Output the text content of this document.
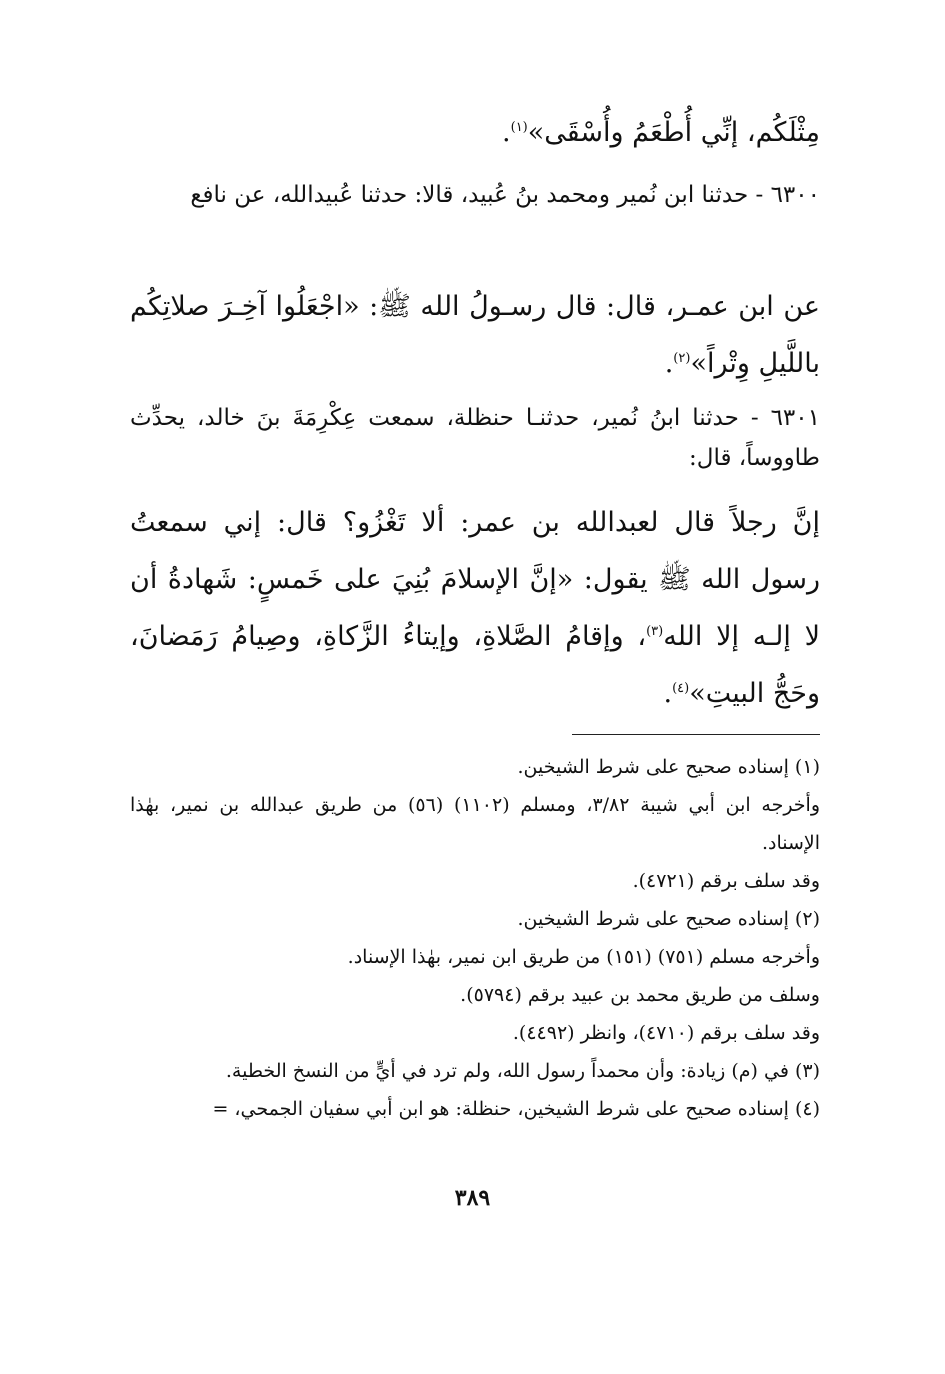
مِثْلَكُم، إنِّي أُطْعَمُ وأُسْقَى»$^{(١)}$.
٦٣٠٠ - حدثنا ابن نُمير ومحمد بنُ عُبيد، قالا: حدثنا عُبيدالله، عن نافع
عن ابن عمـر، قال: قال رسـولُ الله ﷺ: «اجْعَلُوا آخِـرَ صلاتِكُم باللَّيلِ وِتْراً»$^{(٢)}$.
٦٣٠١ - حدثنا ابنُ نُمير، حدثنـا حنظلة، سمعت عِكْرِمَةَ بنَ خالد، يحدِّث طاووساً، قال:
إنَّ رجلاً قال لعبدالله بن عمر: ألا تَغْزُو؟ قال: إني سمعتُ رسول الله ﷺ يقول: «إنَّ الإسلامَ بُنِيَ على خَمسٍ: شَهادةُ أن لا إلـه إلا الله$^{(٣)}$، وإقامُ الصَّلاةِ، وإيتاءُ الزَّكاةِ، وصِيامُ رَمَضانَ، وحَجُّ البيتِ»$^{(٤)}$.
(١) إسناده صحيح على شرط الشيخين.
وأخرجه ابن أبي شيبة ٣/٨٢، ومسلم (١١٠٢) (٥٦) من طريق عبدالله بن نمير، بهٰذا الإسناد.
وقد سلف برقم (٤٧٢١).
(٢) إسناده صحيح على شرط الشيخين.
وأخرجه مسلم (٧٥١) (١٥١) من طريق ابن نمير، بهٰذا الإسناد.
وسلف من طريق محمد بن عبيد برقم (٥٧٩٤).
وقد سلف برقم (٤٧١٠)، وانظر (٤٤٩٢).
(٣) في (م) زيادة: وأن محمداً رسول الله، ولم ترد في أيٍّ من النسخ الخطية.
(٤) إسناده صحيح على شرط الشيخين، حنظلة: هو ابن أبي سفيان الجمحي، =
٣٨٩
